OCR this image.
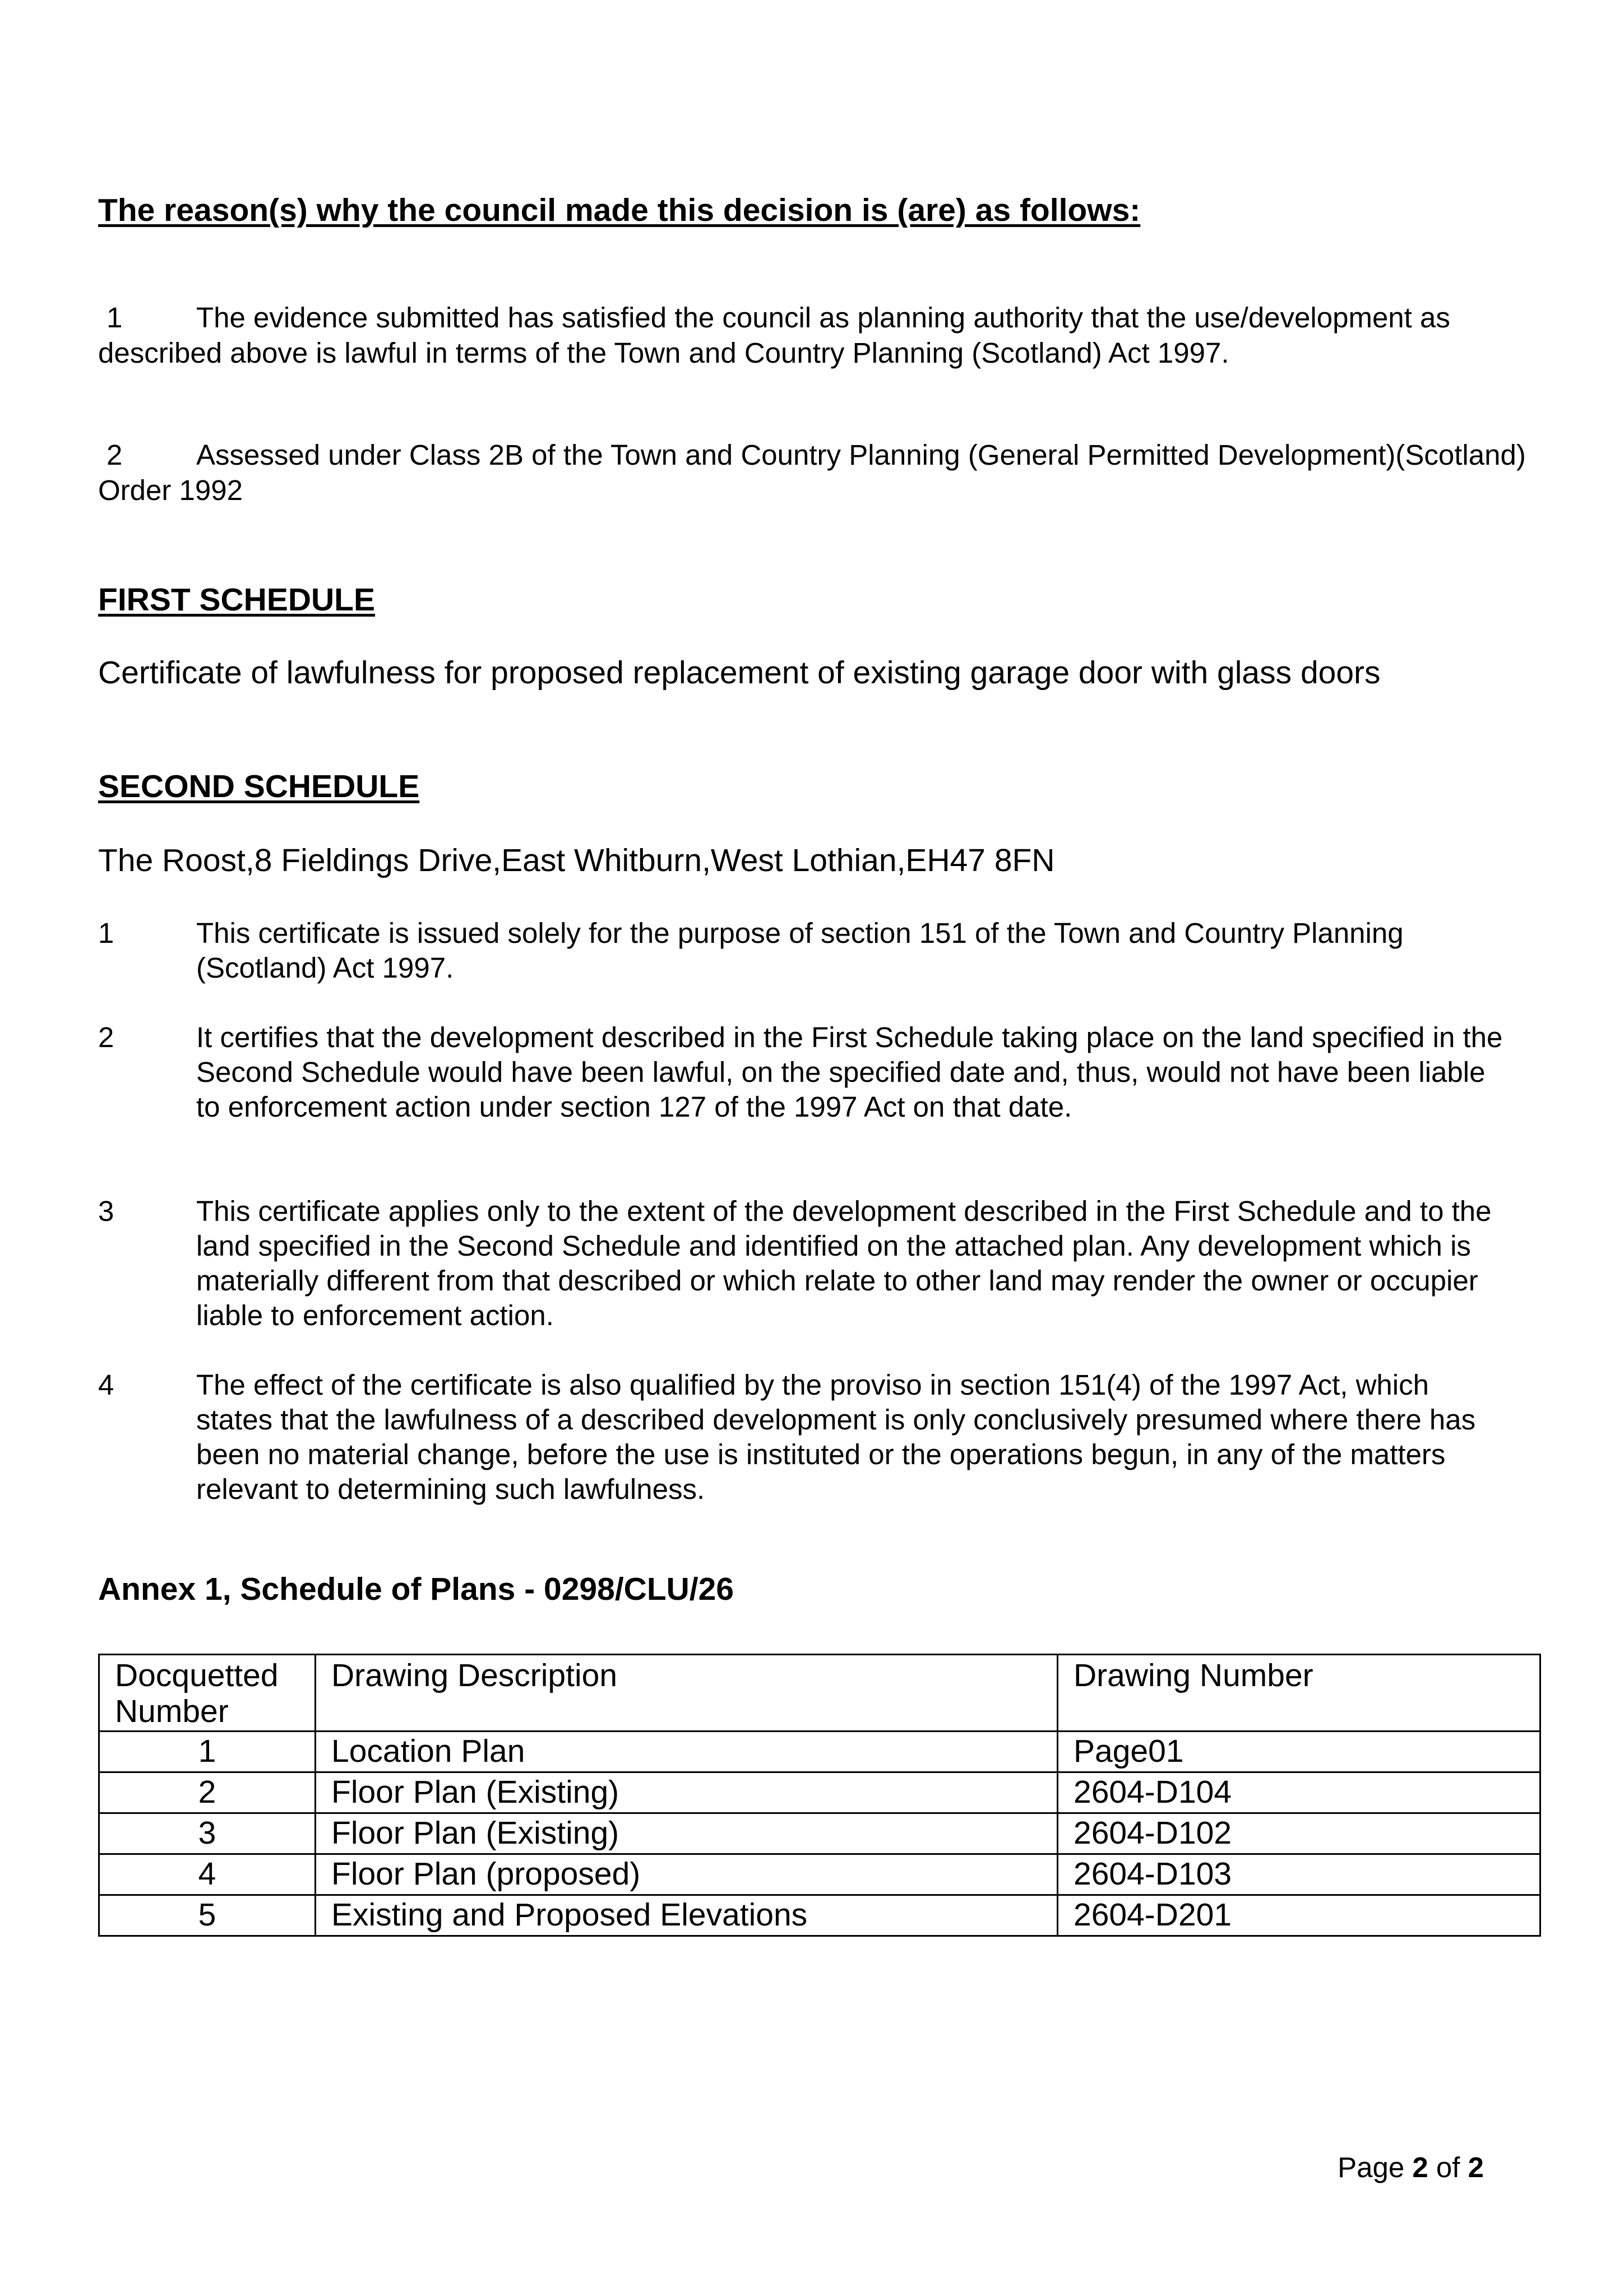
The reason(s) why the council made this decision is (are) as follows:

1	The evidence submitted has satisfied the council as planning authority that the use/development as described above is lawful in terms of the Town and Country Planning (Scotland) Act 1997.

2	Assessed under Class 2B of the Town and Country Planning (General Permitted Development)(Scotland) Order 1992

FIRST SCHEDULE

Certificate of lawfulness for proposed replacement of existing garage door with glass doors

SECOND SCHEDULE

The Roost,8 Fieldings Drive,East Whitburn,West Lothian,EH47 8FN

1	This certificate is issued solely for the purpose of section 151 of the Town and Country Planning (Scotland) Act 1997.
2	It certifies that the development described in the First Schedule taking place on the land specified in the Second Schedule would have been lawful, on the specified date and, thus, would not have been liable to enforcement action under section 127 of the 1997 Act on that date.
3	This certificate applies only to the extent of the development described in the First Schedule and to the land specified in the Second Schedule and identified on the attached plan. Any development which is materially different from that described or which relate to other land may render the owner or occupier liable to enforcement action.
4	The effect of the certificate is also qualified by the proviso in section 151(4) of the 1997 Act, which states that the lawfulness of a described development is only conclusively presumed where there has been no material change, before the use is instituted or the operations begun, in any of the matters relevant to determining such lawfulness.
Annex 1, Schedule of Plans - 0298/CLU/26
Docquetted
Number	Drawing Description	Drawing Number
1	Location Plan	Page01
2	Floor Plan (Existing)	2604-D104
3	Floor Plan (Existing)	2604-D102
4	Floor Plan (proposed)	2604-D103
5	Existing and Proposed Elevations	2604-D201
Page 2 of 2
